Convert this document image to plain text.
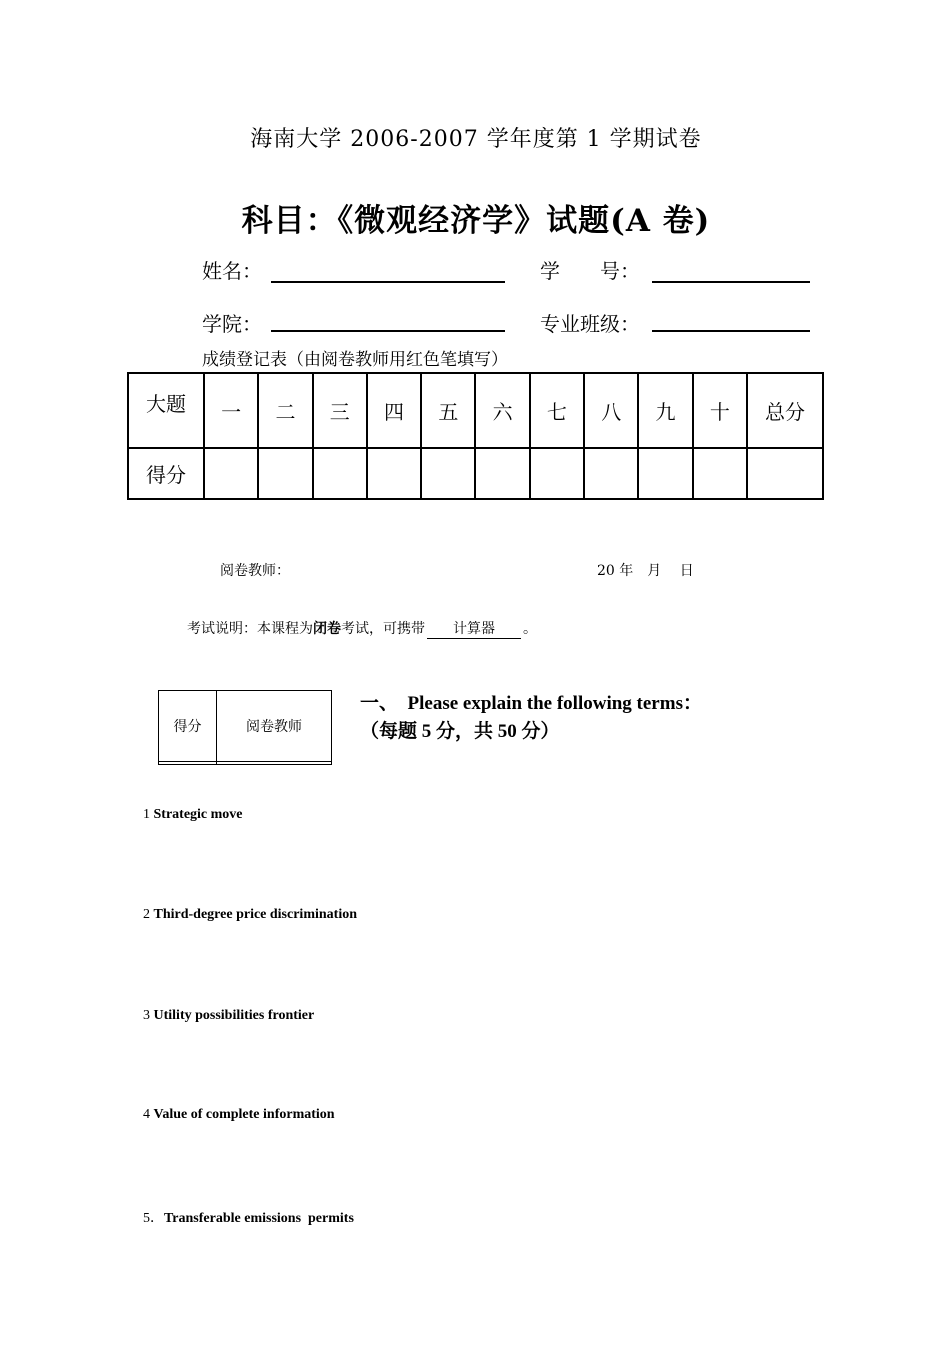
海南大学 2006-2007 学年度第 1 学期试卷
科目：《微观经济学》试题(A 卷)
姓名：	学　　号：
学院：	专业班级：
成绩登记表（由阅卷教师用红色笔填写）
大题	一	二	三	四	五	六	七	八	九	十	总分
得分											
阅卷教师：	20 年　月　 日
考试说明：本课程为闭卷考试，可携带 计算器 。
得分	阅卷教师

一、　Please explain the following terms：
（每题 5 分，共 50 分）
1 Strategic move
2 Third-degree price discrimination
3 Utility possibilities frontier
4 Value of complete information
5．Transferable emissions  permits
